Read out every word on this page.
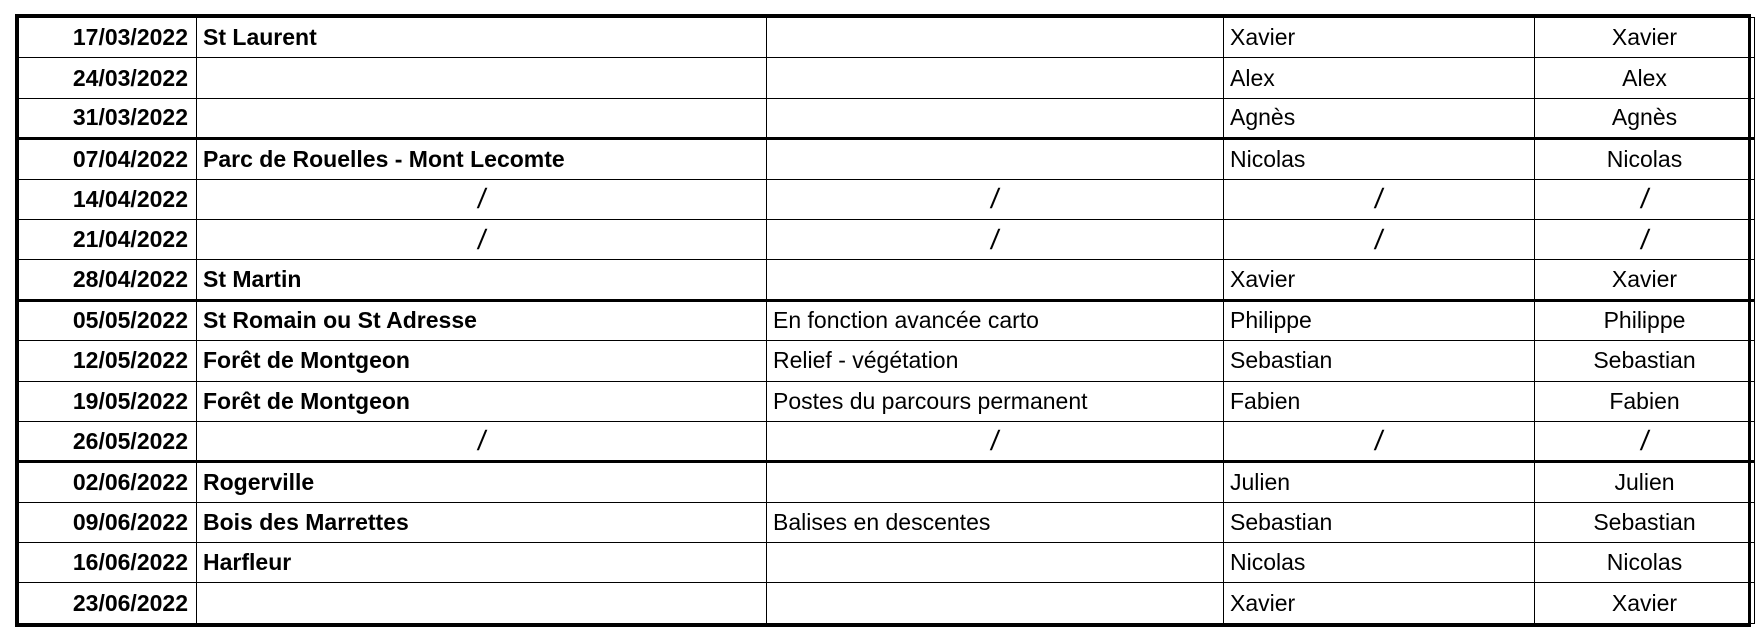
17/03/2022	St Laurent		Xavier	Xavier
24/03/2022			Alex	Alex
31/03/2022			Agnès	Agnès
07/04/2022	Parc de Rouelles - Mont Lecomte		Nicolas	Nicolas
14/04/2022	/	/	/	/
21/04/2022	/	/	/	/
28/04/2022	St Martin		Xavier	Xavier
05/05/2022	St Romain ou St Adresse	En fonction avancée carto	Philippe	Philippe
12/05/2022	Forêt de Montgeon	Relief - végétation	Sebastian	Sebastian
19/05/2022	Forêt de Montgeon	Postes du parcours permanent	Fabien	Fabien
26/05/2022	/	/	/	/
02/06/2022	Rogerville		Julien	Julien
09/06/2022	Bois des Marrettes	Balises en descentes	Sebastian	Sebastian
16/06/2022	Harfleur		Nicolas	Nicolas
23/06/2022			Xavier	Xavier
